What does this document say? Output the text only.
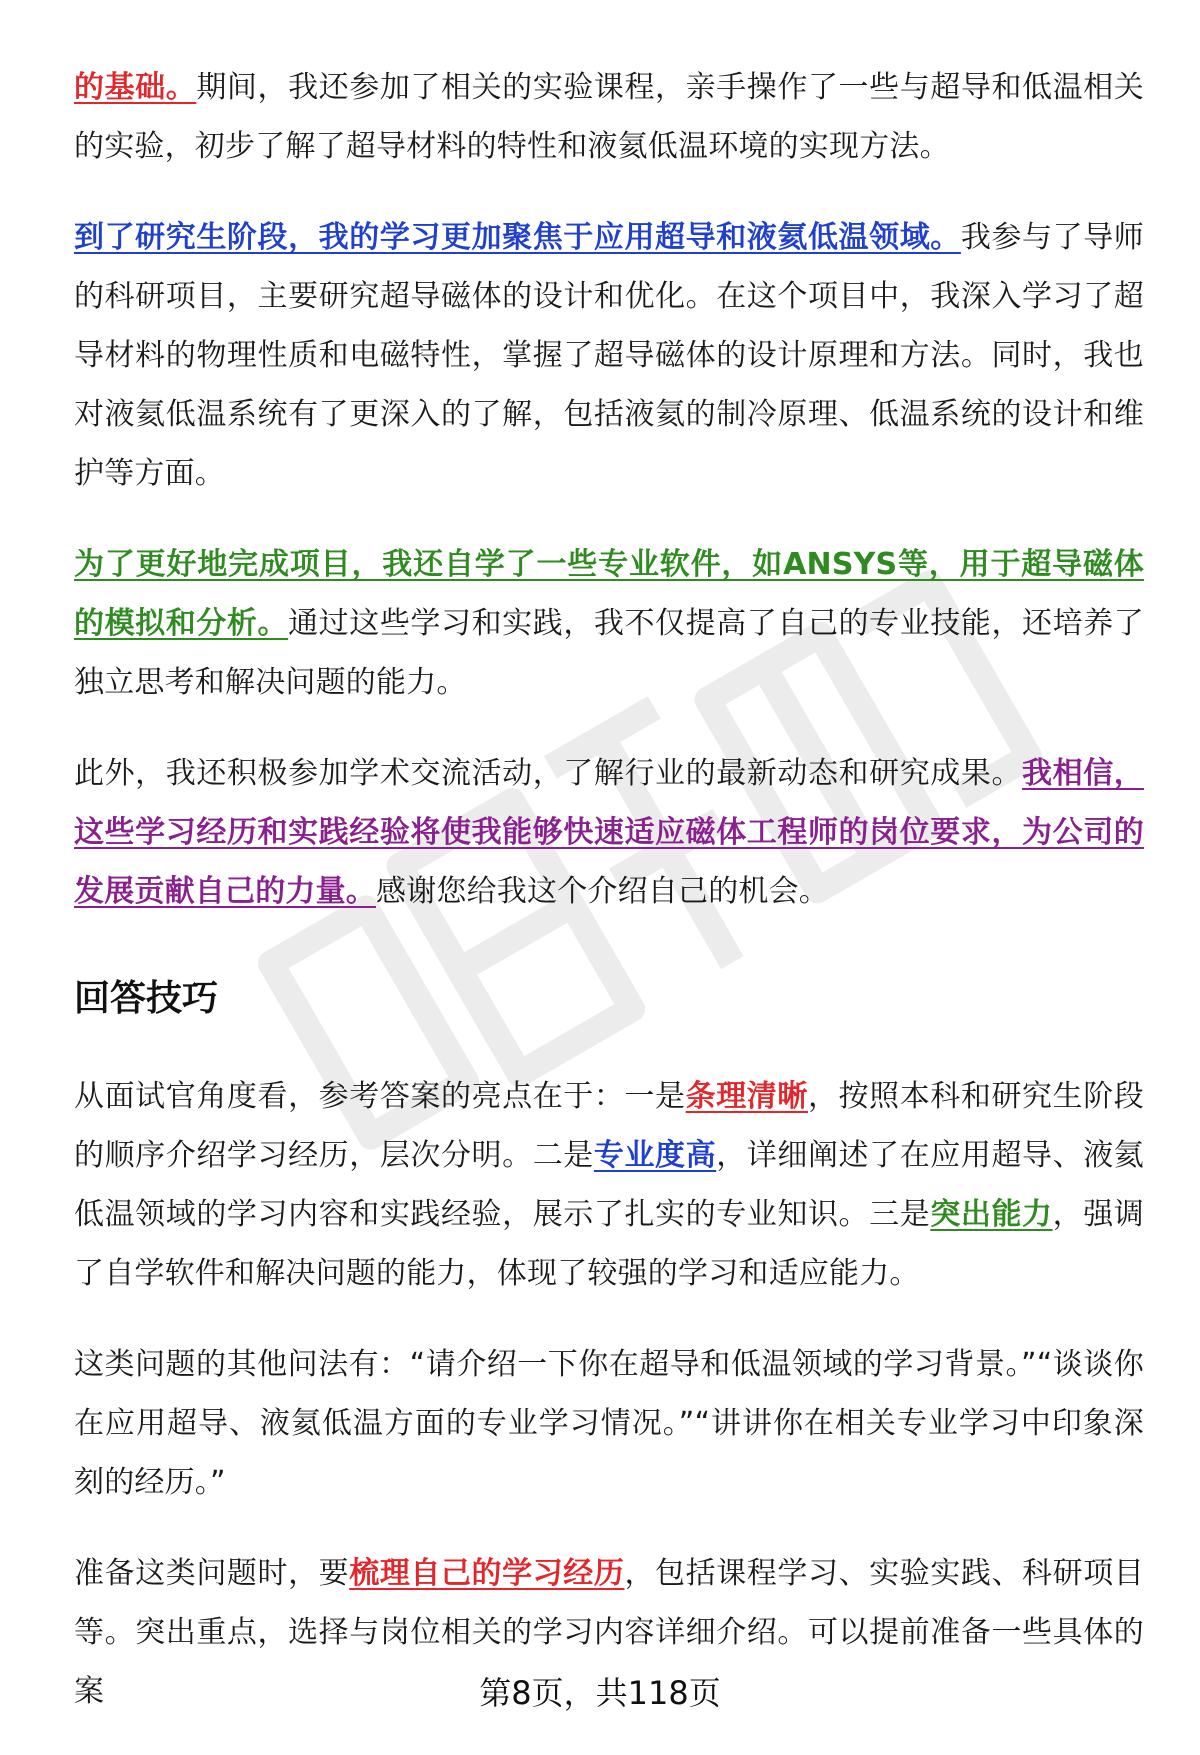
的基础。期间，我还参加了相关的实验课程，亲手操作了一些与超导和低温相关的实验，初步了解了超导材料的特性和液氦低温环境的实现方法。

到了研究生阶段，我的学习更加聚焦于应用超导和液氦低温领域。我参与了导师的科研项目，主要研究超导磁体的设计和优化。在这个项目中，我深入学习了超导材料的物理性质和电磁特性，掌握了超导磁体的设计原理和方法。同时，我也对液氦低温系统有了更深入的了解，包括液氦的制冷原理、低温系统的设计和维护等方面。

为了更好地完成项目，我还自学了一些专业软件，如ANSYS等，用于超导磁体的模拟和分析。通过这些学习和实践，我不仅提高了自己的专业技能，还培养了独立思考和解决问题的能力。

此外，我还积极参加学术交流活动，了解行业的最新动态和研究成果。我相信，这些学习经历和实践经验将使我能够快速适应磁体工程师的岗位要求，为公司的发展贡献自己的力量。感谢您给我这个介绍自己的机会。

回答技巧

从面试官角度看，参考答案的亮点在于：一是条理清晰，按照本科和研究生阶段的顺序介绍学习经历，层次分明。二是专业度高，详细阐述了在应用超导、液氦低温领域的学习内容和实践经验，展示了扎实的专业知识。三是突出能力，强调了自学软件和解决问题的能力，体现了较强的学习和适应能力。

这类问题的其他问法有：“请介绍一下你在超导和低温领域的学习背景。”“谈谈你在应用超导、液氦低温方面的专业学习情况。”“讲讲你在相关专业学习中印象深刻的经历。”

准备这类问题时，要梳理自己的学习经历，包括课程学习、实验实践、科研项目等。突出重点，选择与岗位相关的学习内容详细介绍。可以提前准备一些具体的案	第8页，共118页
